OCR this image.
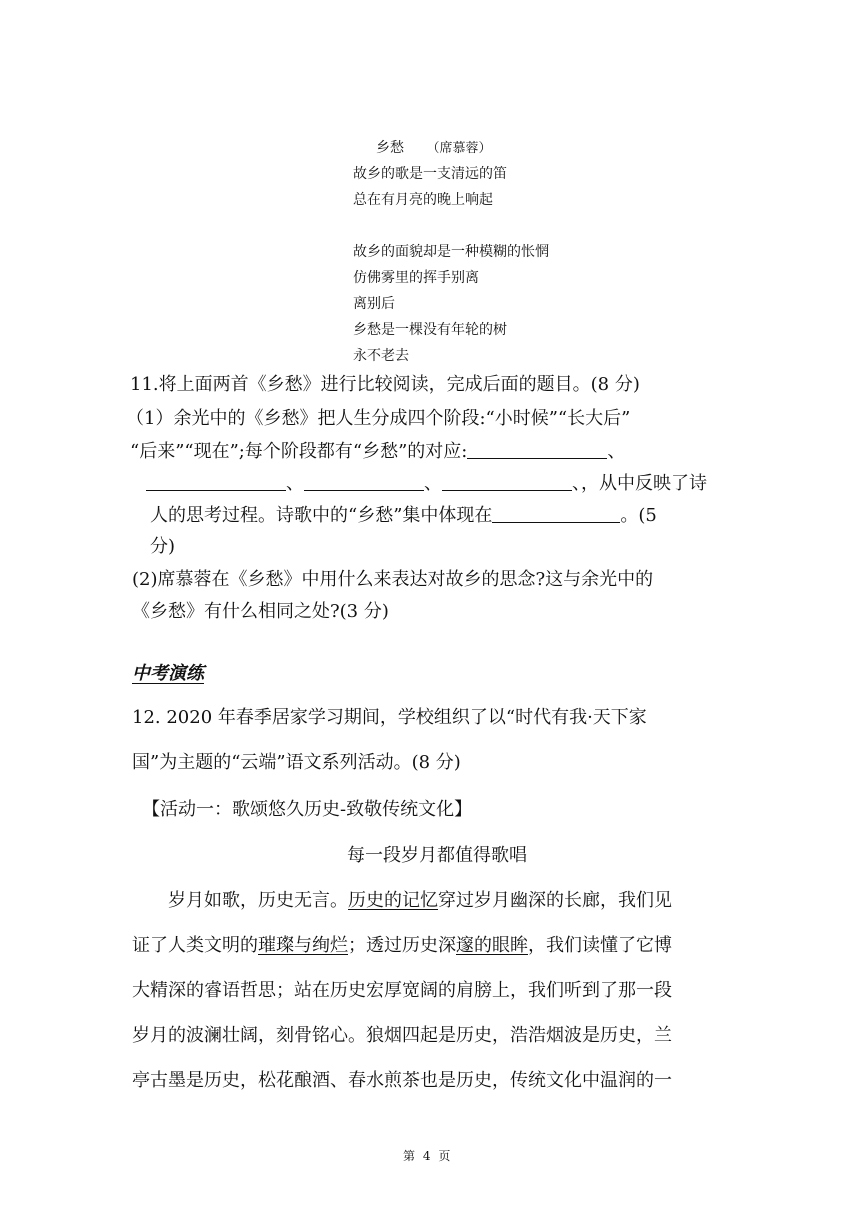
乡愁 （席慕蓉）
故乡的歌是一支清远的笛
总在有月亮的晚上响起
故乡的面貌却是一种模糊的怅惘
仿佛雾里的挥手别离
离别后
乡愁是一棵没有年轮的树
永不老去
11.将上面两首《乡愁》进行比较阅读，完成后面的题目。(8 分)
（1）余光中的《乡愁》把人生分成四个阶段:“小时候”“长大后”
“后来”“现在”;每个阶段都有“乡愁”的对应:	、
、	、	、，从中反映了诗
人的思考过程。诗歌中的“乡愁”集中体现在	。(5
分)
(2)席慕蓉在《乡愁》中用什么来表达对故乡的思念?这与余光中的
《乡愁》有什么相同之处?(3 分)
中考演练
12. 2020 年春季居家学习期间，学校组织了以“时代有我·天下家
国”为主题的“云端”语文系列活动。(8 分)
【活动一：歌颂悠久历史-致敬传统文化】
每一段岁月都值得歌唱
岁月如歌，历史无言。历史的记忆穿过岁月幽深的长廊，我们见
证了人类文明的璀璨与绚烂；透过历史深邃的眼眸，我们读懂了它博
大精深的睿语哲思；站在历史宏厚宽阔的肩膀上，我们听到了那一段
岁月的波澜壮阔，刻骨铭心。狼烟四起是历史，浩浩烟波是历史，兰
亭古墨是历史，松花酿酒、春水煎茶也是历史，传统文化中温润的一
第 4 页
